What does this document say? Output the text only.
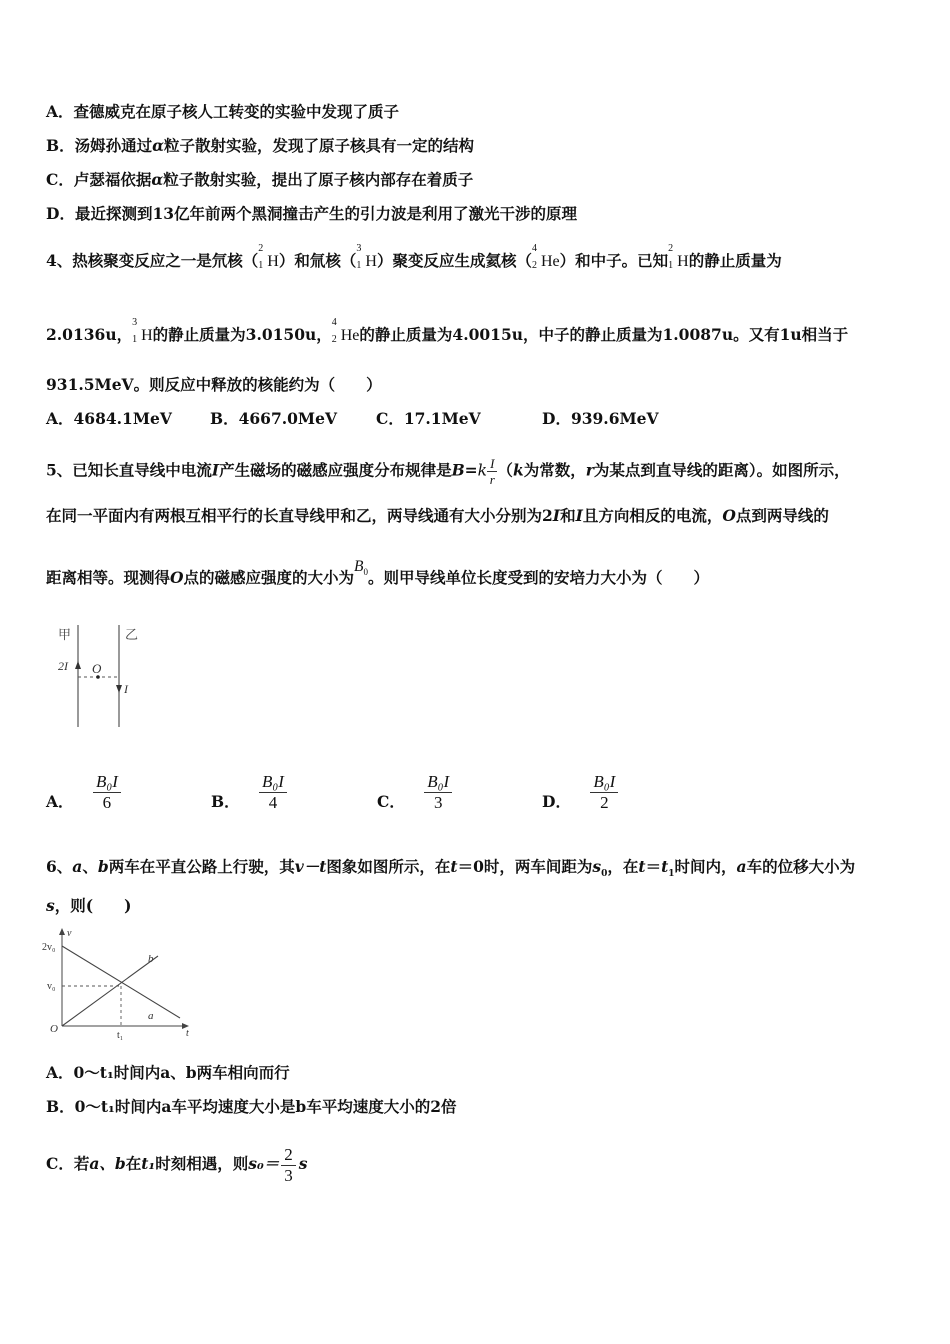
A．查德威克在原子核人工转变的实验中发现了质子
B．汤姆孙通过α粒子散射实验，发现了原子核具有一定的结构
C．卢瑟福依据α粒子散射实验，提出了原子核内部存在着质子
D．最近探测到13亿年前两个黑洞撞击产生的引力波是利用了激光干涉的原理
4、热核聚变反应之一是氘核（
2
1 H）和氚核（
3
1 H）聚变反应生成氦核（
4
2 He）和中子。已知
2
1 H的静止质量为
2.0136u，
3
1 H的静止质量为3.0150u，
4
2 He的静止质量为4.0015u，中子的静止质量为1.0087u。又有1u相当于
931.5MeV。则反应中释放的核能约为（　　）
A．4684.1MeV B．4667.0MeV	C．17.1MeV	D．939.6MeV
5、已知长直导线中电流I产生磁场的磁感应强度分布规律是$B=k \frac{I}{r} (k$为常数，r为某点到直导线的距离）。如图所示，
在同一平面内有两根互相平行的长直导线甲和乙，两导线通有大小分别为2I和I且方向相反的电流，O点到两导线的
距离相等。现测得O点的磁感应强度的大小为$B_0$。则甲导线单位长度受到的安培力大小为（　　）
甲	乙
2I O
I
A． $\frac{\text{B₀I}}{6}$	B． $\frac{\text{B₀I}}{4}$	C． $\frac{\text{B₀I}}{3}$	D． $\frac{\text{B₀I}}{2}$
6、a、b两车在平直公路上行驶，其v－t图象如图所示，在t＝0时，两车间距为$s_0$，在$t=t_1$时间内，a车的位移大小为
s，则(　　)
v
2v₀
v₀
O
t₁	t
a
b
A．0～t₁时间内a、b两车相向而行
B．0～t₁时间内a车平均速度大小是b车平均速度大小的2倍
C．若a、b在t₁时刻相遇，则$s_0= \frac{2}{3}$ s
